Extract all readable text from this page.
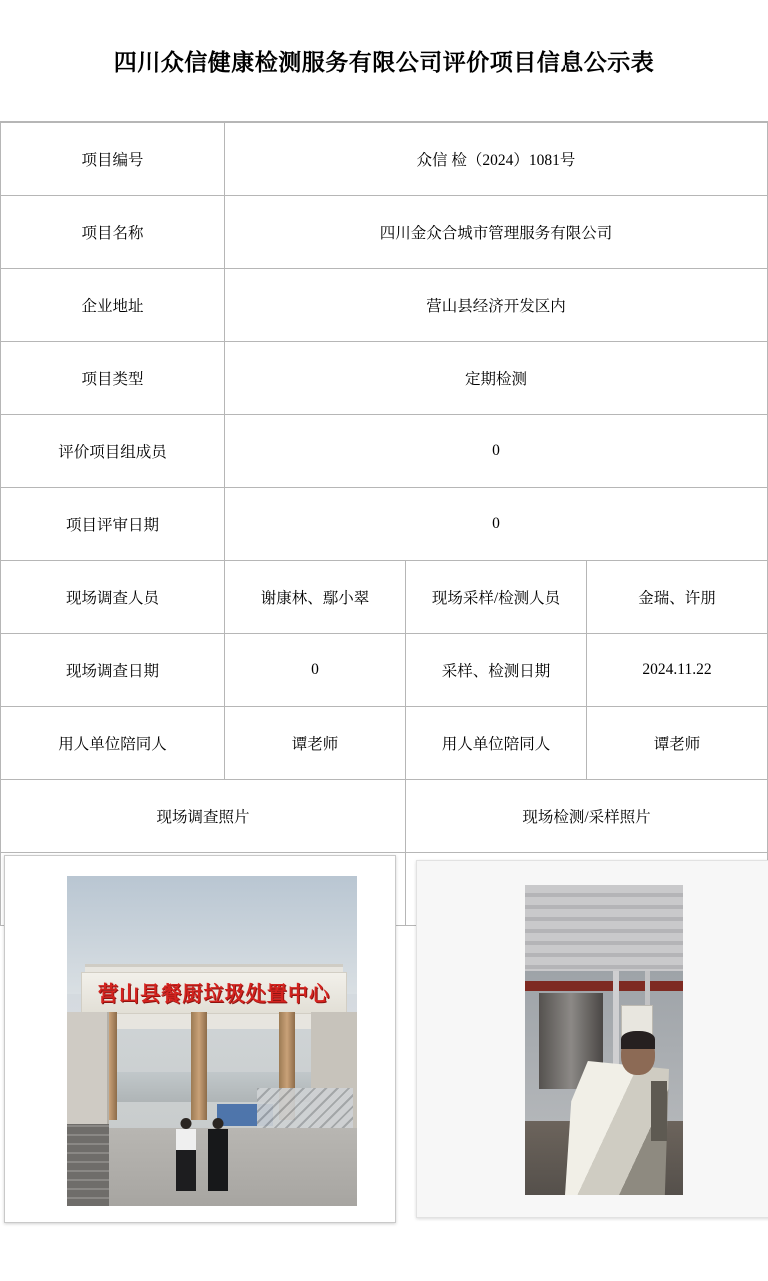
四川众信健康检测服务有限公司评价项目信息公示表
项目编号	众信 检（2024）1081号		
项目名称	四川金众合城市管理服务有限公司		
企业地址	营山县经济开发区内		
项目类型	定期检测		
评价项目组成员	0		
项目评审日期	0		
现场调查人员	谢康林、鄢小翠	现场采样/检测人员	金瑞、许朋
现场调查日期	0	采样、检测日期	2024.11.22
用人单位陪同人	谭老师	用人单位陪同人	谭老师
现场调查照片		现场检测/采样照片	

营山县餐厨垃圾处置中心			
